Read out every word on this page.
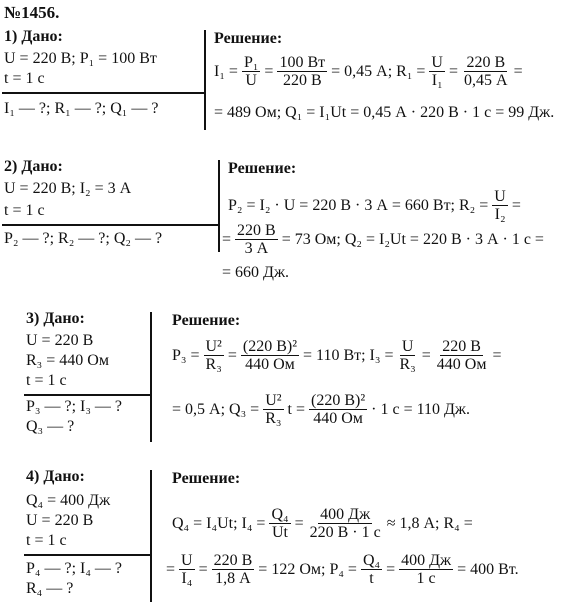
№1456.
1) Дано:
U = 220 В; P₁ = 100 Вт
t = 1 с
I₁ — ?; R₁ — ?; Q₁ — ?
Решение:
$I_1 = \frac{\text{P₁}}{U} = \frac{100 Вт}{220 В} = 0,45$ А; $R_1 = \frac{U}{\text{I₁}} = \frac{220 В}{0,45 А}$ =
= 489 Ом; Q₁ = I₁Ut = 0,45 А · 220 В · 1 с = 99 Дж.
2) Дано:
U = 220 В; I₂ = 3 А
t = 1 с
P₂ — ?; R₂ — ?; Q₂ — ?
Решение:
P₂ = I₂ · U = 220 В · 3 А = 660 Вт; $R_2 = \frac{U}{\text{I₂}}$ =
= $\frac{220 В}{3 А} = 73$ Ом; Q₂ = I₂Ut = 220 В · 3 А · 1 с =
= 660 Дж.
3) Дано:
U = 220 В
R₃ = 440 Ом
t = 1 с
P₃ — ?; I₃ — ?
Q₃ — ?
Решение:
$P_3 = \frac{\text{U²}}{\text{R₃}} = \frac{\text{(220 В)²}}{440 Ом} = 110$ Вт; $I_3 = \frac{U}{\text{R₃}} = \frac{220 В}{440 Ом}$ =
= 0,5 А; $Q_3 = \frac{\text{U²}}{\text{R₃}}$ $t = \frac{\text{(220 В)²}}{440 Ом} \cdot 1$ с = 110 Дж.
4) Дано:
Q₄ = 400 Дж
U = 220 В
t = 1 с
P₄ — ?; I₄ — ?
R₄ — ?
Решение:
Q₄ = I₄Ut; $I_4 = \frac{\text{Q₄}}{Ut} = \frac{400 Дж}{220 В \cdot 1 с} \approx 1,8$ А; R₄ =
= $\frac{U}{\text{I₄}} = \frac{220 В}{1,8 А} = 122$ Ом; $P_4 = \frac{\text{Q₄}}{t} = \frac{400 Дж}{1 с} = 400$ Вт.
